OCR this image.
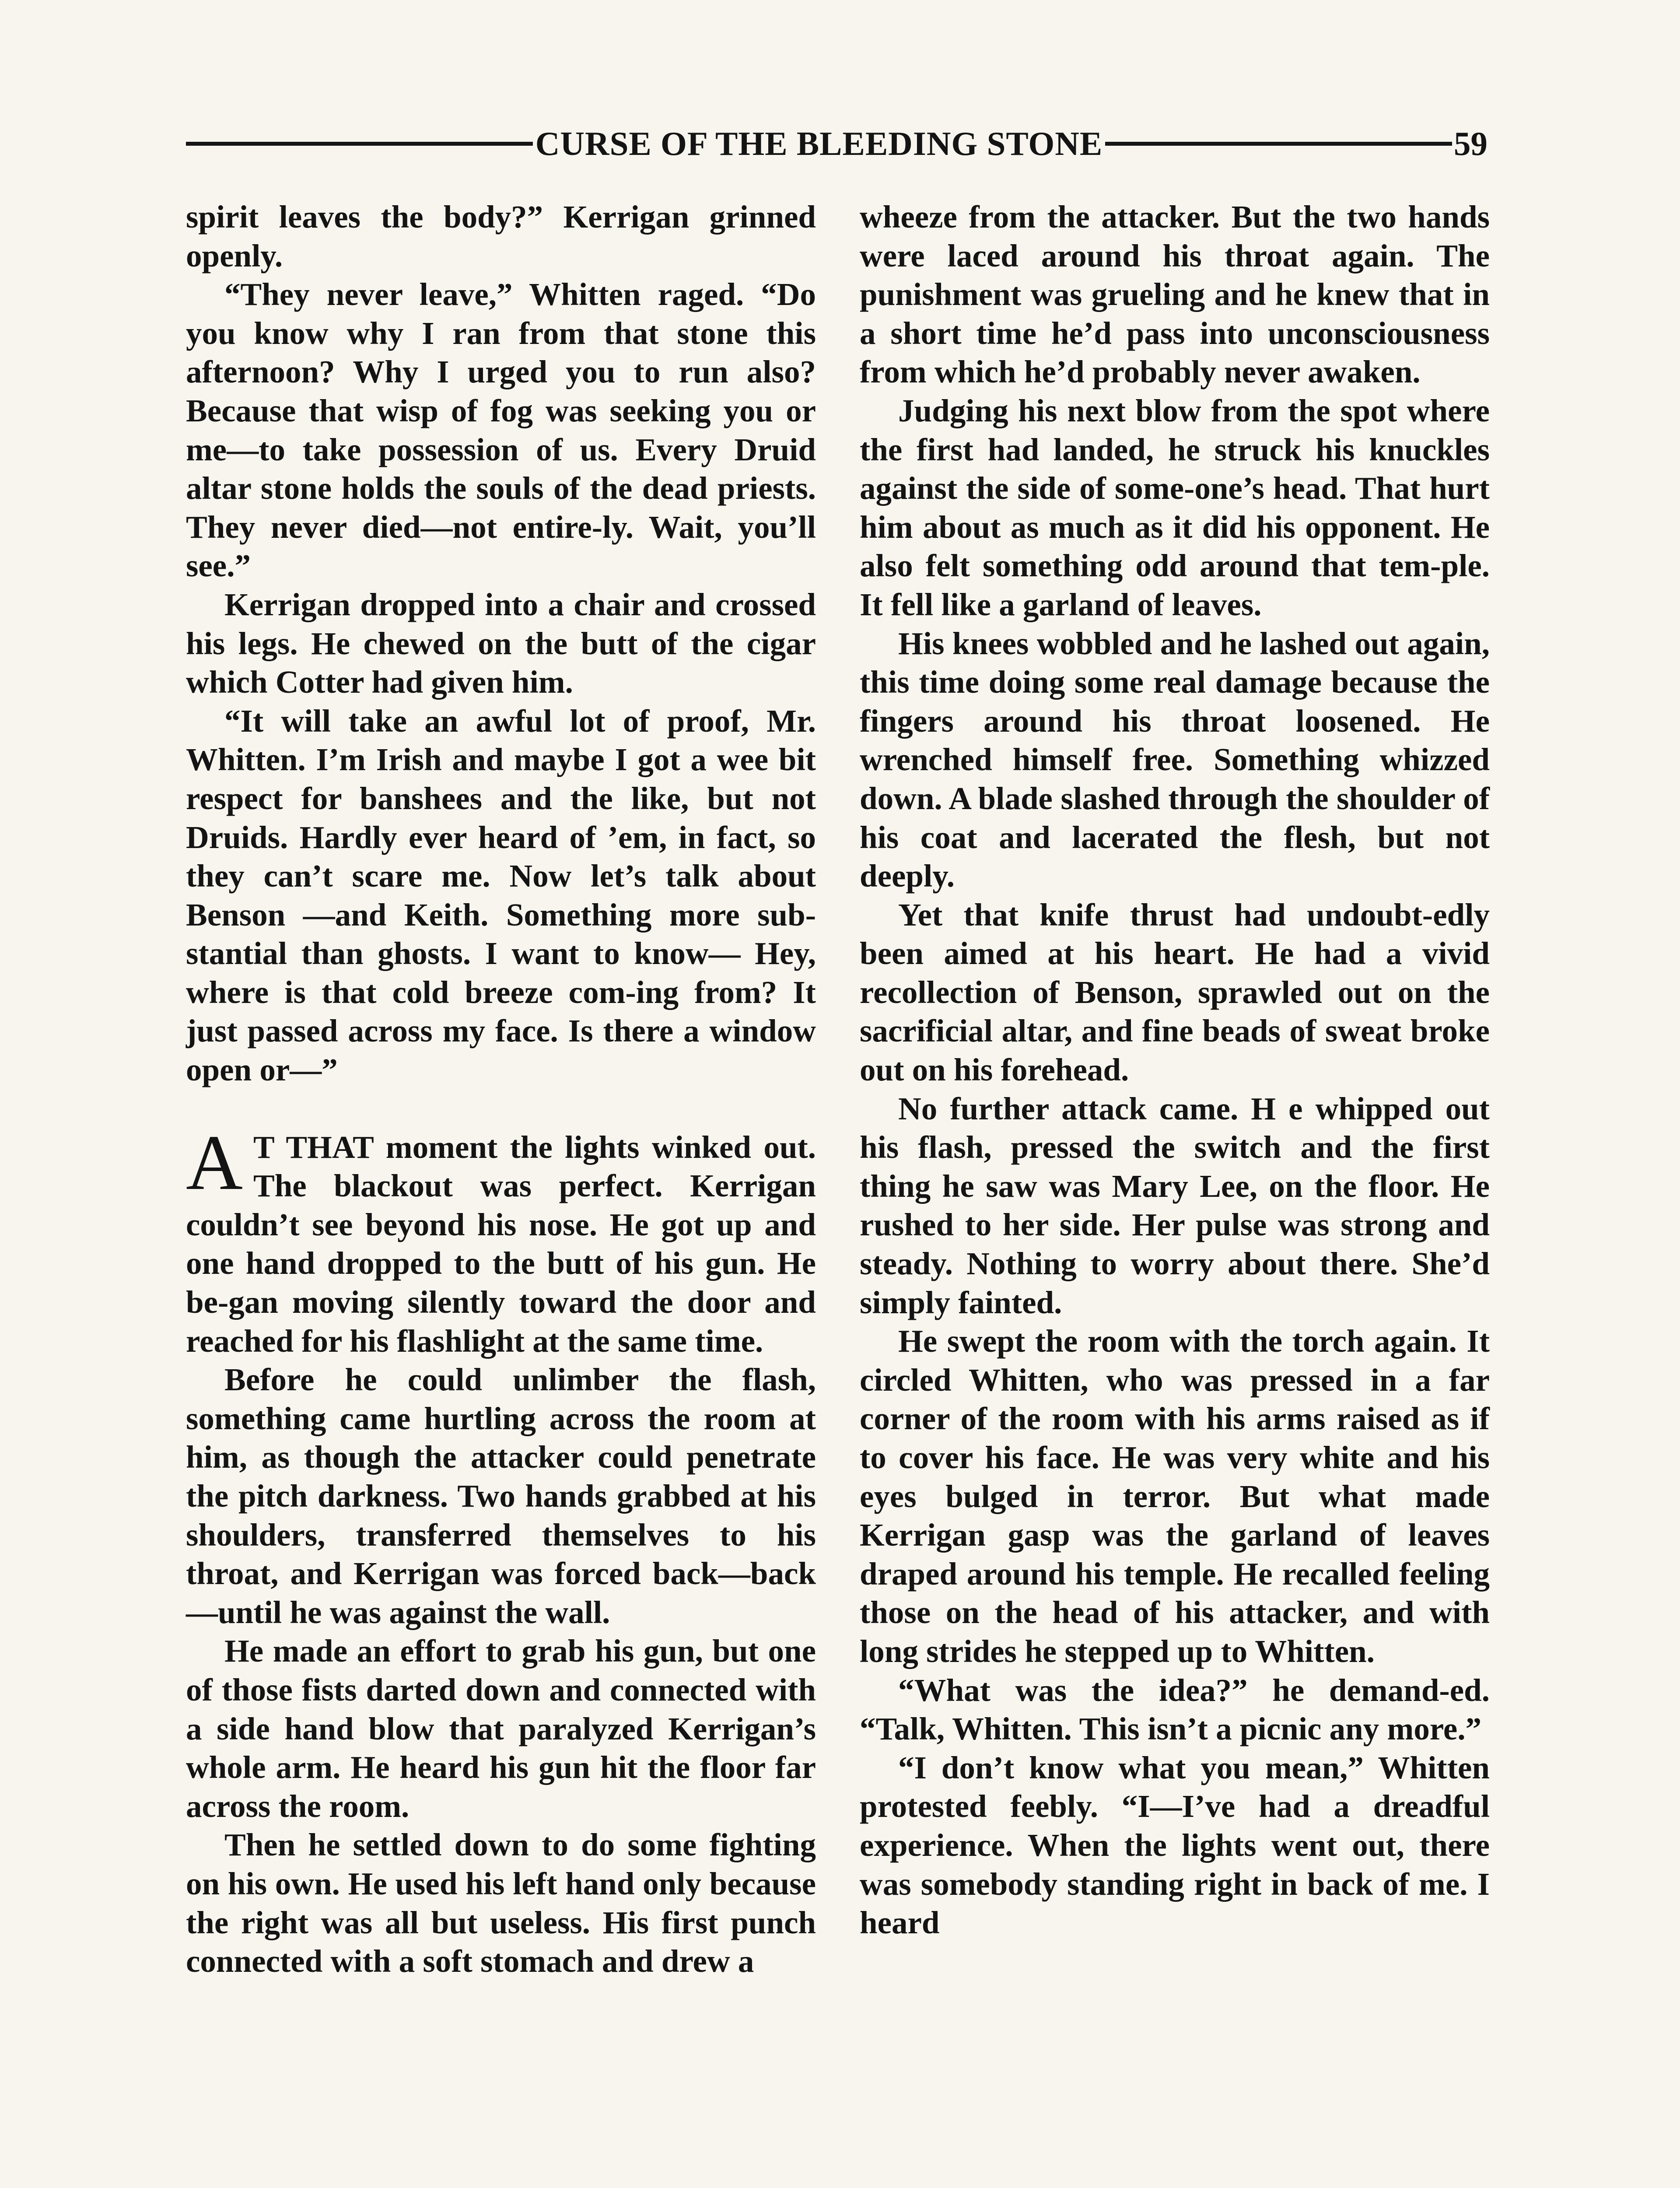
CURSE OF THE BLEEDING STONE	59

spirit leaves the body?” Kerrigan grinned openly.

“They never leave,” Whitten raged. “Do you know why I ran from that stone this afternoon? Why I urged you to run also? Because that wisp of fog was seeking you or me—to take possession of us. Every Druid altar stone holds the souls of the dead priests. They never died—not entire-ly. Wait, you’ll see.”

Kerrigan dropped into a chair and crossed his legs. He chewed on the butt of the cigar which Cotter had given him.

“It will take an awful lot of proof, Mr. Whitten. I’m Irish and maybe I got a wee bit respect for banshees and the like, but not Druids. Hardly ever heard of ’em, in fact, so they can’t scare me. Now let’s talk about Benson —and Keith. Something more sub-stantial than ghosts. I want to know— Hey, where is that cold breeze com-ing from? It just passed across my face. Is there a window open or—”

A T THAT moment the lights winked out. The blackout was perfect. Kerrigan couldn’t see beyond his nose. He got up and one hand dropped to the butt of his gun. He be-gan moving silently toward the door and reached for his flashlight at the same time.

Before he could unlimber the flash, something came hurtling across the room at him, as though the attacker could penetrate the pitch darkness. Two hands grabbed at his shoulders, transferred themselves to his throat, and Kerrigan was forced back—back —until he was against the wall.

He made an effort to grab his gun, but one of those fists darted down and connected with a side hand blow that paralyzed Kerrigan’s whole arm. He heard his gun hit the floor far across the room.

Then he settled down to do some fighting on his own. He used his left hand only because the right was all but useless. His first punch connected with a soft stomach and drew a

wheeze from the attacker. But the two hands were laced around his throat again. The punishment was grueling and he knew that in a short time he’d pass into unconsciousness from which he’d probably never awaken.

Judging his next blow from the spot where the first had landed, he struck his knuckles against the side of some-one’s head. That hurt him about as much as it did his opponent. He also felt something odd around that tem-ple. It fell like a garland of leaves.

His knees wobbled and he lashed out again, this time doing some real damage because the fingers around his throat loosened. He wrenched himself free. Something whizzed down. A blade slashed through the shoulder of his coat and lacerated the flesh, but not deeply.

Yet that knife thrust had undoubt-edly been aimed at his heart. He had a vivid recollection of Benson, sprawled out on the sacrificial altar, and fine beads of sweat broke out on his forehead.

No further attack came. H e whipped out his flash, pressed the switch and the first thing he saw was Mary Lee, on the floor. He rushed to her side. Her pulse was strong and steady. Nothing to worry about there. She’d simply fainted.

He swept the room with the torch again. It circled Whitten, who was pressed in a far corner of the room with his arms raised as if to cover his face. He was very white and his eyes bulged in terror. But what made Kerrigan gasp was the garland of leaves draped around his temple. He recalled feeling those on the head of his attacker, and with long strides he stepped up to Whitten.

“What was the idea?” he demand-ed. “Talk, Whitten. This isn’t a picnic any more.”

“I don’t know what you mean,” Whitten protested feebly. “I—I’ve had a dreadful experience. When the lights went out, there was somebody standing right in back of me. I heard
